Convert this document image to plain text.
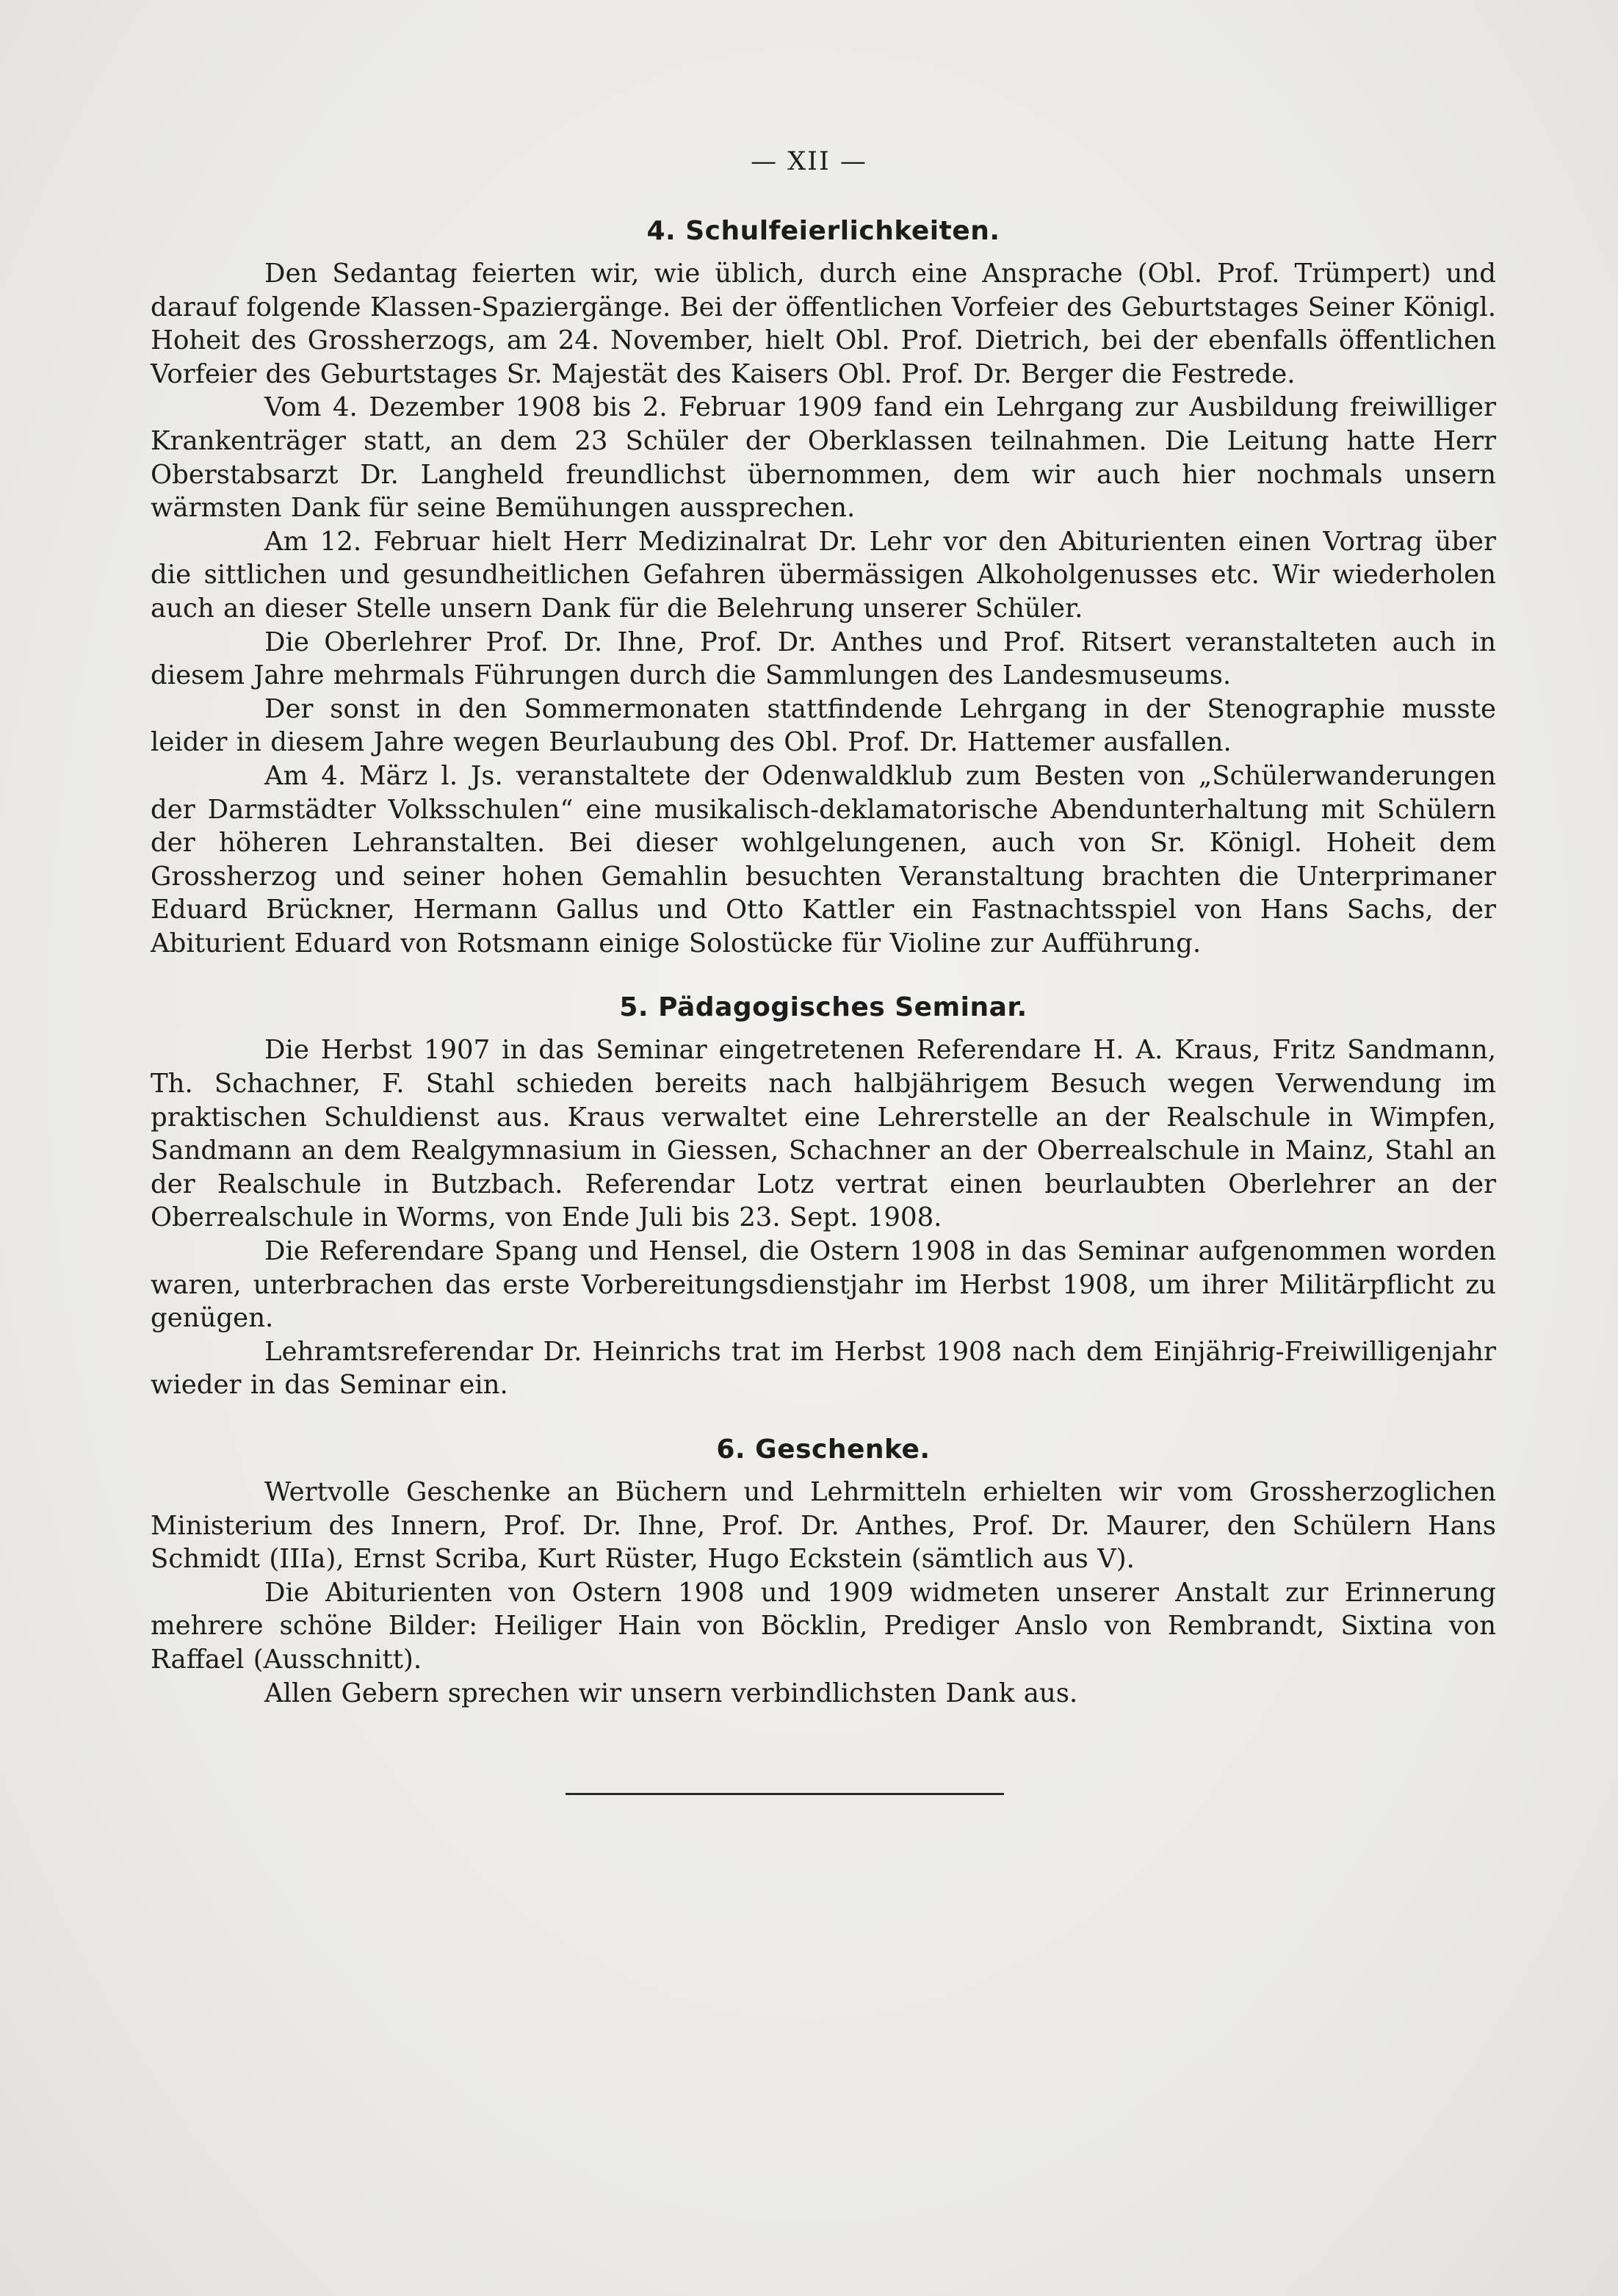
— XII —
4. Schulfeierlichkeiten.

Den Sedantag feierten wir, wie üblich, durch eine Ansprache (Obl. Prof. Trümpert) und darauf folgende Klassen-Spaziergänge. Bei der öffentlichen Vorfeier des Geburtstages Seiner Königl. Hoheit des Grossherzogs, am 24. November, hielt Obl. Prof. Dietrich, bei der ebenfalls öffentlichen Vorfeier des Geburtstages Sr. Majestät des Kaisers Obl. Prof. Dr. Berger die Festrede.

Vom 4. Dezember 1908 bis 2. Februar 1909 fand ein Lehrgang zur Ausbildung freiwilliger Krankenträger statt, an dem 23 Schüler der Oberklassen teilnahmen. Die Leitung hatte Herr Oberstabsarzt Dr. Langheld freundlichst übernommen, dem wir auch hier nochmals unsern wärmsten Dank für seine Bemühungen aussprechen.

Am 12. Februar hielt Herr Medizinalrat Dr. Lehr vor den Abiturienten einen Vortrag über die sittlichen und gesundheitlichen Gefahren übermässigen Alkoholgenusses etc. Wir wiederholen auch an dieser Stelle unsern Dank für die Belehrung unserer Schüler.

Die Oberlehrer Prof. Dr. Ihne, Prof. Dr. Anthes und Prof. Ritsert veranstalteten auch in diesem Jahre mehrmals Führungen durch die Sammlungen des Landesmuseums.

Der sonst in den Sommermonaten stattfindende Lehrgang in der Stenographie musste leider in diesem Jahre wegen Beurlaubung des Obl. Prof. Dr. Hattemer ausfallen.

Am 4. März l. Js. veranstaltete der Odenwaldklub zum Besten von „Schülerwanderungen der Darmstädter Volksschulen“ eine musikalisch-deklamatorische Abendunterhaltung mit Schülern der höheren Lehranstalten. Bei dieser wohlgelungenen, auch von Sr. Königl. Hoheit dem Grossherzog und seiner hohen Gemahlin besuchten Veranstaltung brachten die Unterprimaner Eduard Brückner, Hermann Gallus und Otto Kattler ein Fastnachtsspiel von Hans Sachs, der Abiturient Eduard von Rotsmann einige Solostücke für Violine zur Aufführung.

5. Pädagogisches Seminar.

Die Herbst 1907 in das Seminar eingetretenen Referendare H. A. Kraus, Fritz Sandmann, Th. Schachner, F. Stahl schieden bereits nach halbjährigem Besuch wegen Verwendung im praktischen Schuldienst aus. Kraus verwaltet eine Lehrerstelle an der Realschule in Wimpfen, Sandmann an dem Realgymnasium in Giessen, Schachner an der Oberrealschule in Mainz, Stahl an der Realschule in Butzbach. Referendar Lotz vertrat einen beurlaubten Oberlehrer an der Oberrealschule in Worms, von Ende Juli bis 23. Sept. 1908.

Die Referendare Spang und Hensel, die Ostern 1908 in das Seminar aufgenommen worden waren, unterbrachen das erste Vorbereitungsdienstjahr im Herbst 1908, um ihrer Militärpflicht zu genügen.

Lehramtsreferendar Dr. Heinrichs trat im Herbst 1908 nach dem Einjährig-Freiwilligenjahr wieder in das Seminar ein.

6. Geschenke.

Wertvolle Geschenke an Büchern und Lehrmitteln erhielten wir vom Grossherzoglichen Ministerium des Innern, Prof. Dr. Ihne, Prof. Dr. Anthes, Prof. Dr. Maurer, den Schülern Hans Schmidt (IIIa), Ernst Scriba, Kurt Rüster, Hugo Eckstein (sämtlich aus V).

Die Abiturienten von Ostern 1908 und 1909 widmeten unserer Anstalt zur Erinnerung mehrere schöne Bilder: Heiliger Hain von Böcklin, Prediger Anslo von Rembrandt, Sixtina von Raffael (Ausschnitt).

Allen Gebern sprechen wir unsern verbindlichsten Dank aus.
